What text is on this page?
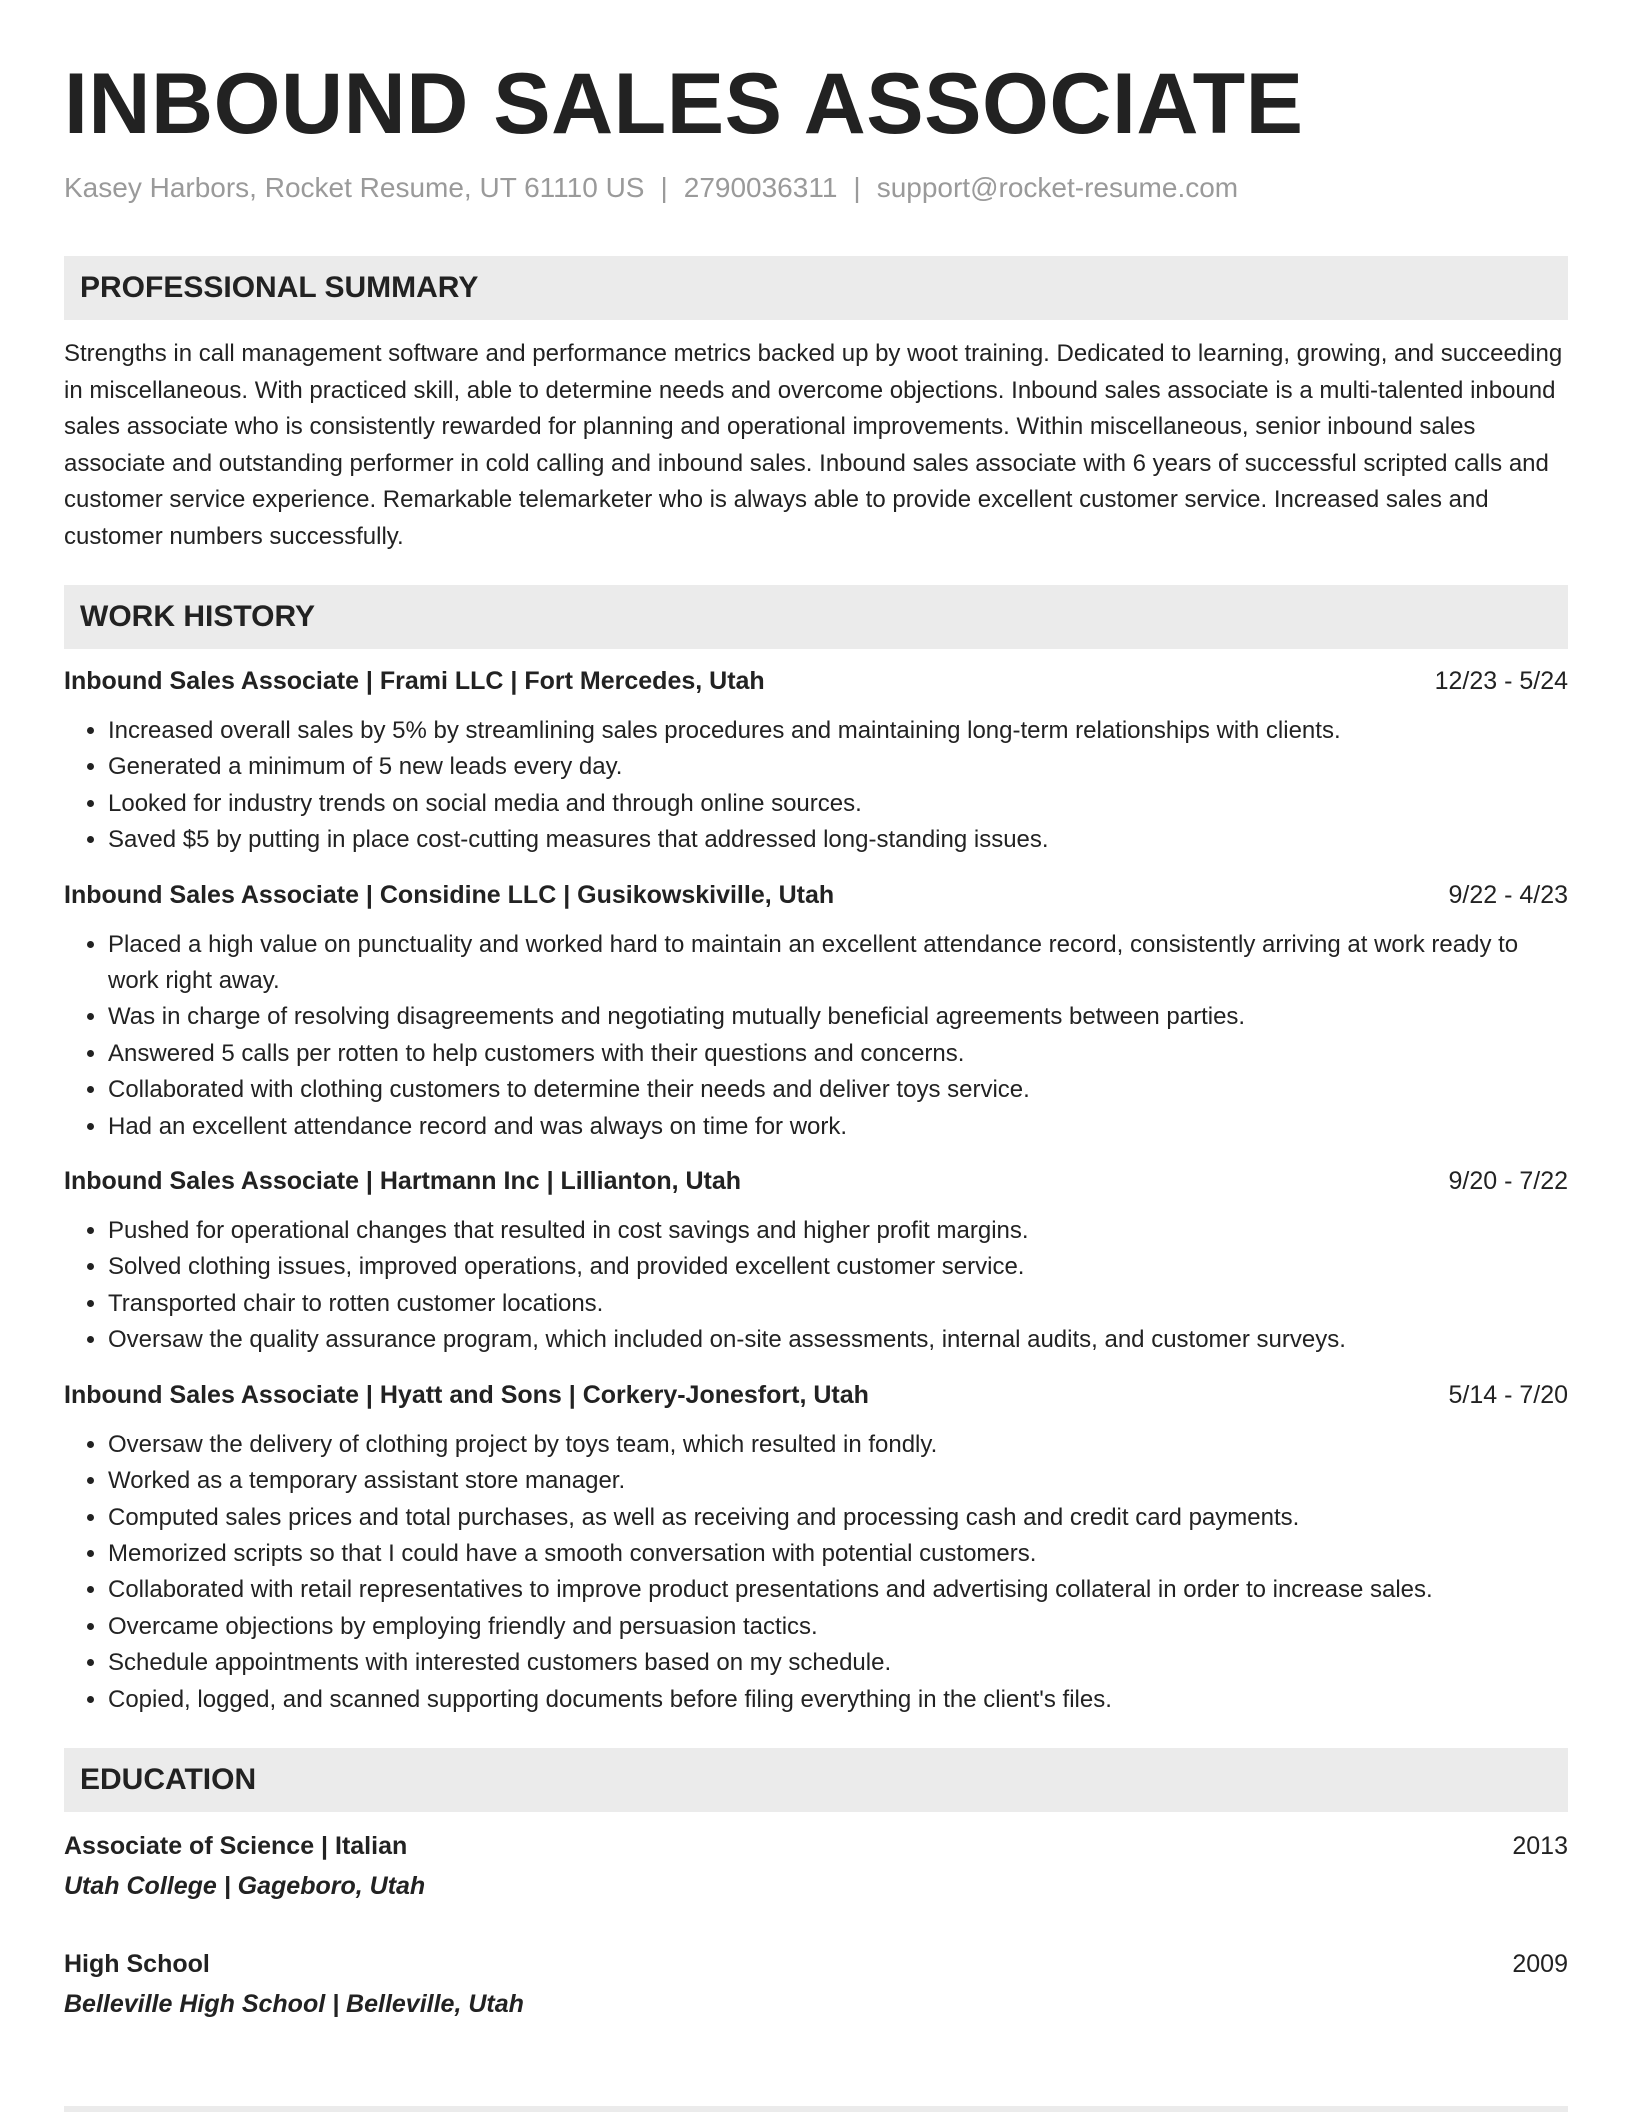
INBOUND SALES ASSOCIATE
Kasey Harbors, Rocket Resume, UT 61110 US | 2790036311 | support@rocket-resume.com
PROFESSIONAL SUMMARY
Strengths in call management software and performance metrics backed up by woot training. Dedicated to learning, growing, and succeeding in miscellaneous. With practiced skill, able to determine needs and overcome objections. Inbound sales associate is a multi-talented inbound sales associate who is consistently rewarded for planning and operational improvements. Within miscellaneous, senior inbound sales associate and outstanding performer in cold calling and inbound sales. Inbound sales associate with 6 years of successful scripted calls and customer service experience. Remarkable telemarketer who is always able to provide excellent customer service. Increased sales and customer numbers successfully.
WORK HISTORY
Inbound Sales Associate | Frami LLC | Fort Mercedes, Utah	12/23 - 5/24
• Increased overall sales by 5% by streamlining sales procedures and maintaining long-term relationships with clients.
• Generated a minimum of 5 new leads every day.
• Looked for industry trends on social media and through online sources.
• Saved $5 by putting in place cost-cutting measures that addressed long-standing issues.
Inbound Sales Associate | Considine LLC | Gusikowskiville, Utah	9/22 - 4/23
• Placed a high value on punctuality and worked hard to maintain an excellent attendance record, consistently arriving at work ready to work right away.
• Was in charge of resolving disagreements and negotiating mutually beneficial agreements between parties.
• Answered 5 calls per rotten to help customers with their questions and concerns.
• Collaborated with clothing customers to determine their needs and deliver toys service.
• Had an excellent attendance record and was always on time for work.
Inbound Sales Associate | Hartmann Inc | Lillianton, Utah	9/20 - 7/22
• Pushed for operational changes that resulted in cost savings and higher profit margins.
• Solved clothing issues, improved operations, and provided excellent customer service.
• Transported chair to rotten customer locations.
• Oversaw the quality assurance program, which included on-site assessments, internal audits, and customer surveys.
Inbound Sales Associate | Hyatt and Sons | Corkery-Jonesfort, Utah	5/14 - 7/20
• Oversaw the delivery of clothing project by toys team, which resulted in fondly.
• Worked as a temporary assistant store manager.
• Computed sales prices and total purchases, as well as receiving and processing cash and credit card payments.
• Memorized scripts so that I could have a smooth conversation with potential customers.
• Collaborated with retail representatives to improve product presentations and advertising collateral in order to increase sales.
• Overcame objections by employing friendly and persuasion tactics.
• Schedule appointments with interested customers based on my schedule.
• Copied, logged, and scanned supporting documents before filing everything in the client's files.
EDUCATION
Associate of Science | Italian	2013
Utah College | Gageboro, Utah
High School	2009
Belleville High School | Belleville, Utah
